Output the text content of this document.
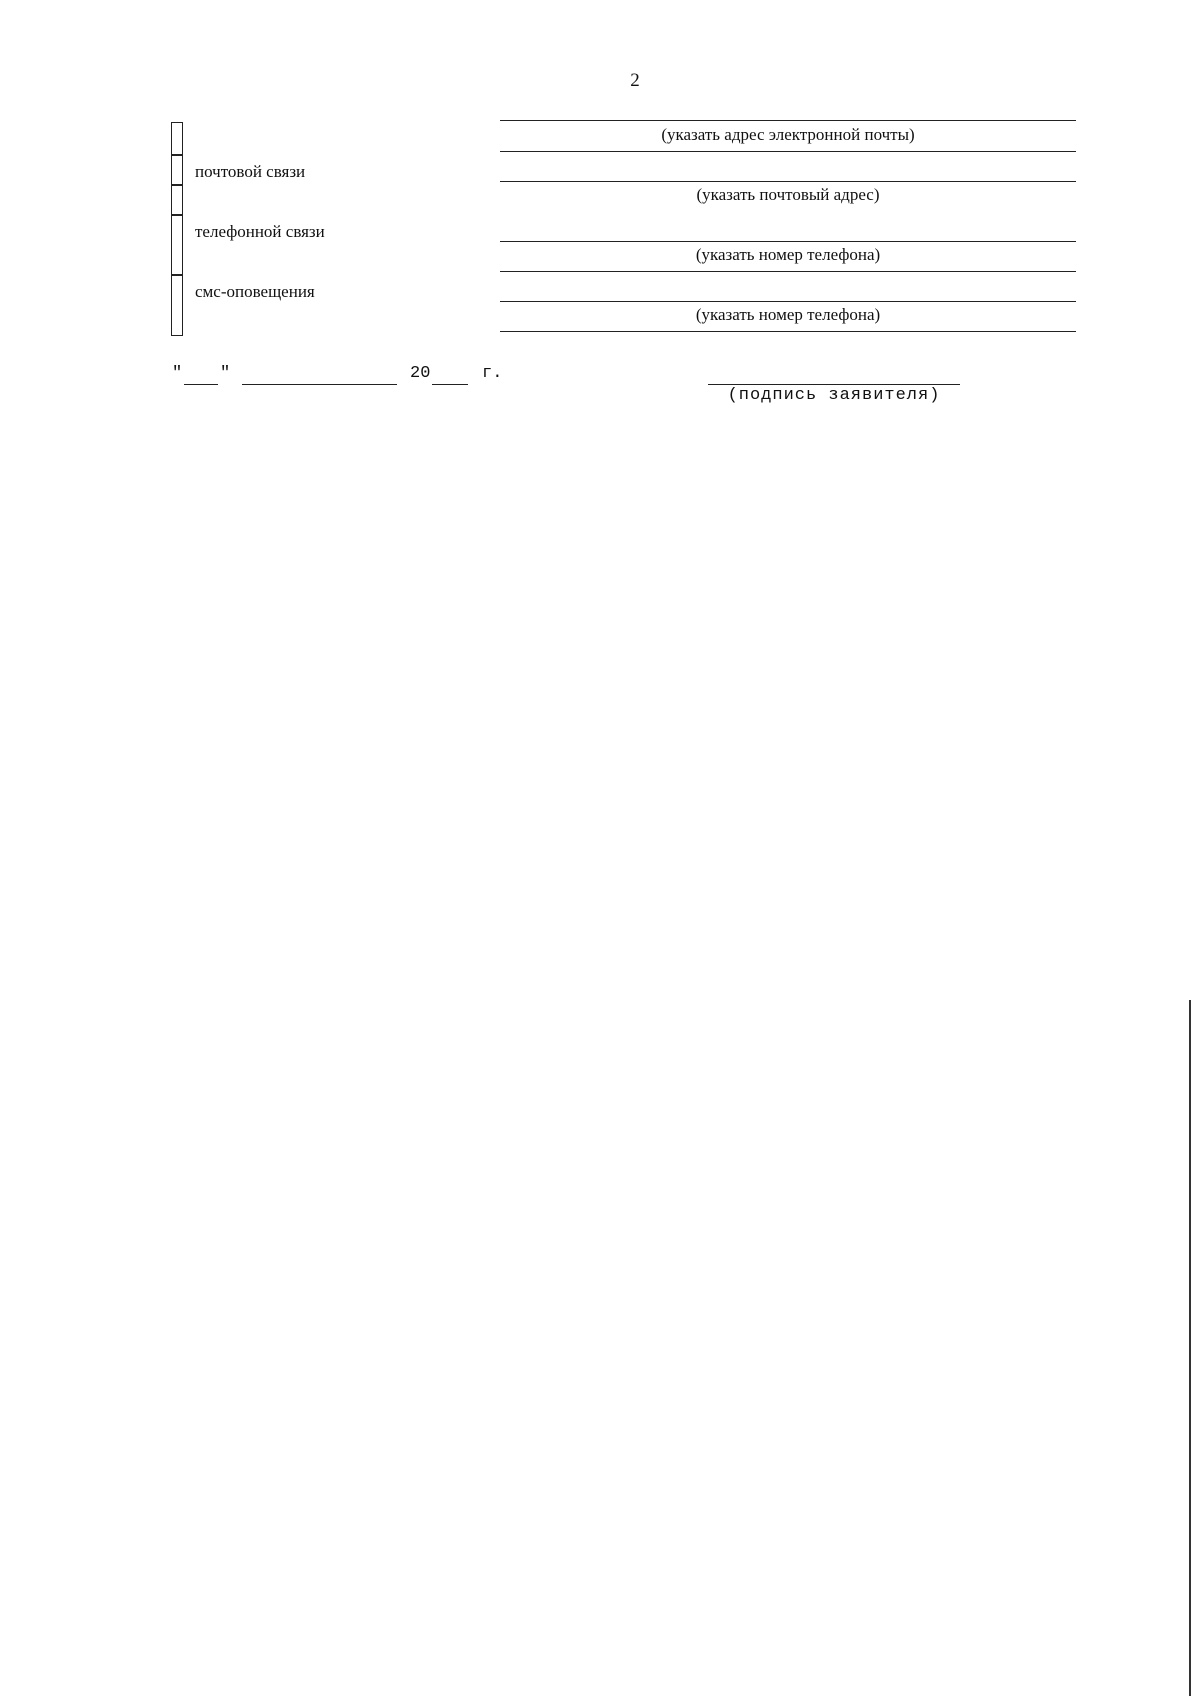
2
почтовой связи
телефонной связи
смс-оповещения
(указать адрес электронной почты)
(указать почтовый адрес)
(указать номер телефона)
(указать номер телефона)
" "	20	г.
(подпись заявителя)
